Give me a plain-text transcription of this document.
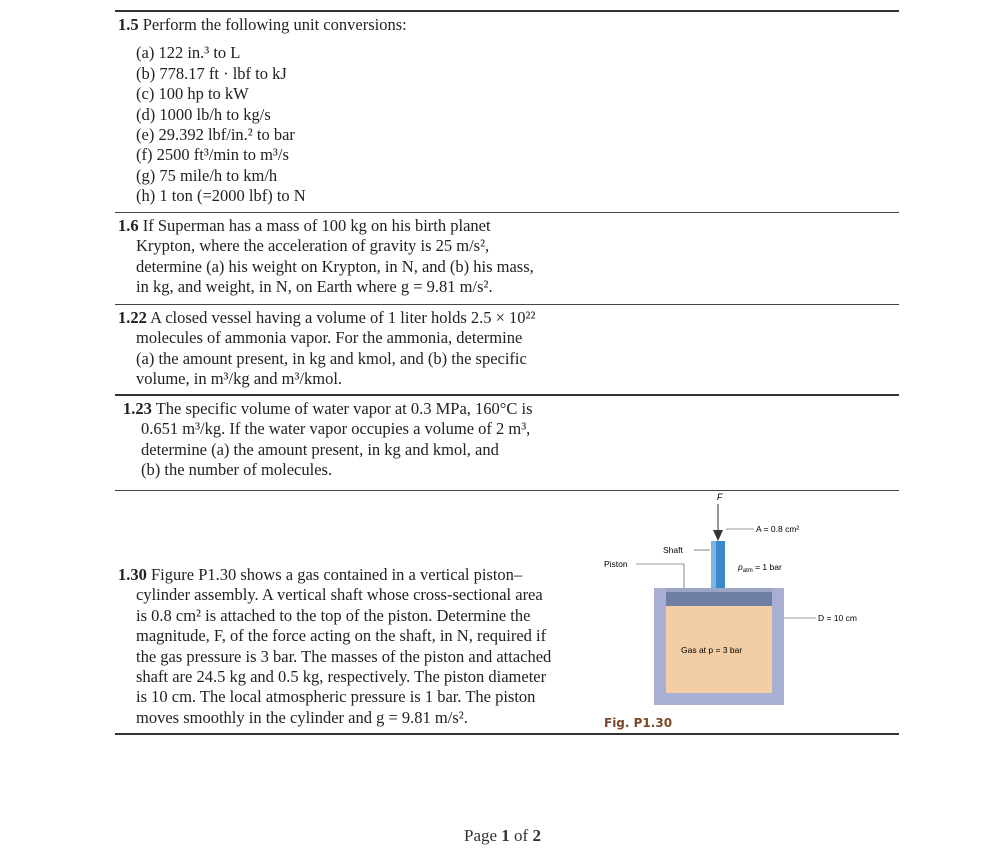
1.5 Perform the following unit conversions:
(a) 122 in.³ to L
(b) 778.17 ft · lbf to kJ
(c) 100 hp to kW
(d) 1000 lb/h to kg/s
(e) 29.392 lbf/in.² to bar
(f) 2500 ft³/min to m³/s
(g) 75 mile/h to km/h
(h) 1 ton (=2000 lbf) to N
1.6 If Superman has a mass of 100 kg on his birth planet
Krypton, where the acceleration of gravity is 25 m/s²,
determine (a) his weight on Krypton, in N, and (b) his mass,
in kg, and weight, in N, on Earth where g = 9.81 m/s².
1.22 A closed vessel having a volume of 1 liter holds 2.5 × 10²²
molecules of ammonia vapor. For the ammonia, determine
(a) the amount present, in kg and kmol, and (b) the specific
volume, in m³/kg and m³/kmol.
1.23 The specific volume of water vapor at 0.3 MPa, 160°C is
0.651 m³/kg. If the water vapor occupies a volume of 2 m³,
determine (a) the amount present, in kg and kmol, and
(b) the number of molecules.
1.30 Figure P1.30 shows a gas contained in a vertical piston–
cylinder assembly. A vertical shaft whose cross-sectional area
is 0.8 cm² is attached to the top of the piston. Determine the
magnitude, F, of the force acting on the shaft, in N, required if
the gas pressure is 3 bar. The masses of the piston and attached
shaft are 24.5 kg and 0.5 kg, respectively. The piston diameter
is 10 cm. The local atmospheric pressure is 1 bar. The piston
moves smoothly in the cylinder and g = 9.81 m/s².
F
A = 0.8 cm²
Shaft
Piston	$p_{atm} = 1$ bar
D = 10 cm
Gas at p = 3 bar
Fig. P1.30
Page 1 of 2
